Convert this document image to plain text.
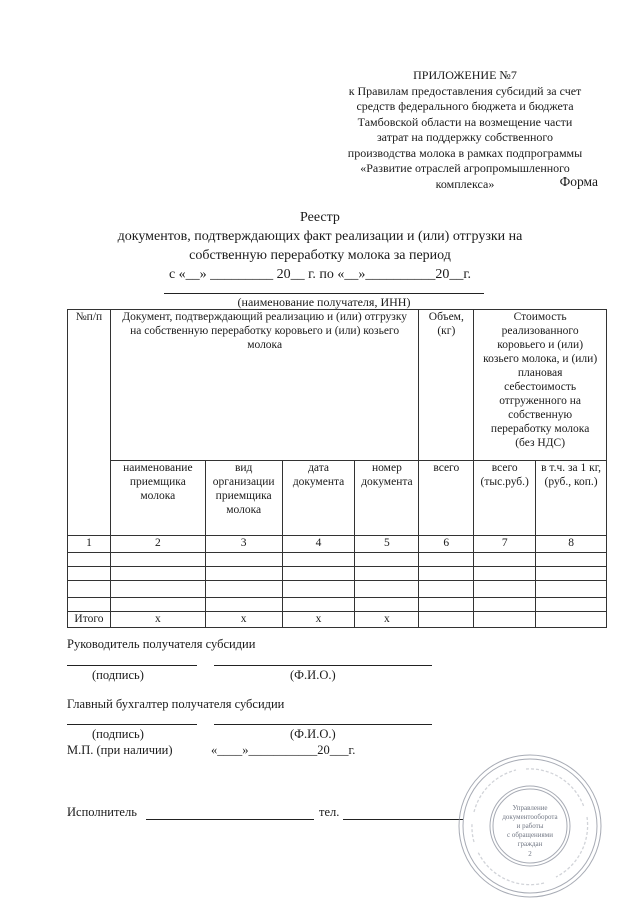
ПРИЛОЖЕНИЕ №7
к Правилам предоставления субсидий за счет
средств федерального бюджета и бюджета
Тамбовской области на возмещение части
затрат на поддержку собственного
производства молока в рамках подпрограммы
«Развитие отраслей агропромышленного
комплекса»	Форма
Реестр
документов, подтверждающих факт реализации и (или) отгрузки на
собственную переработку молока за период
с «__» _________ 20__ г. по «__»__________20__г.
(наименование получателя, ИНН)
№п/п	Документ, подтверждающий реализацию и (или) отгрузку на собственную переработку коровьего и (или) козьего молока				Объем, (кг)	Стоимость реализованного коровьего и (или) козьего молока, и (или) плановая себестоимость отгруженного на собственную переработку молока (без НДС)	
	наименование приемщика молока	вид организации приемщика молока	дата документа	номер документа	всего	всего (тыс.руб.)	в т.ч. за 1 кг, (руб., коп.)
1	2	3	4	5	6	7	8

Итого	x	x	x	x			
Руководитель получателя субсидии
(подпись)	(Ф.И.О.)
Главный бухгалтер получателя субсидии
(подпись)	(Ф.И.О.)
М.П. (при наличии)	«____»___________20___г.
Исполнитель	тел.	Управление
документооборота
и работы
с обращениями
граждан
2
